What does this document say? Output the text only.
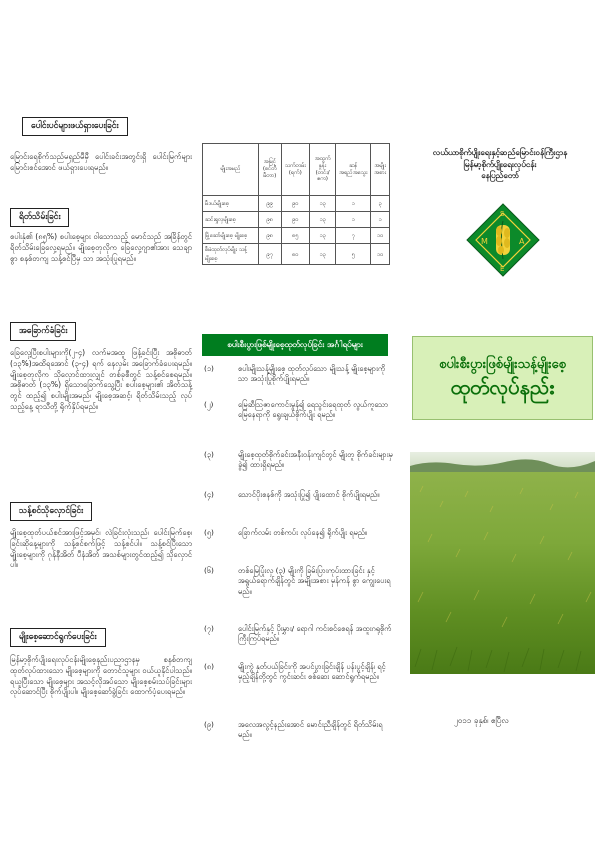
ပေါင်းပင်များဖယ်ရှားပေးခြင်း

မြောင်းရေစိုက်သည်မရှည်မီမှီ ပေါင်းခင်းအတွင်းရှိ ပေါင်းမြက်များ မြောင်းစင်အောင် ဖယ်ရှားပေးရမည်။

ရိတ်သိမ်းခြင်း

စပါးနှံ၏ (၈၅%) စပါးစေ့များ ဝါသောသည့် မောင်သည် အခြိန်တွင် ရိတ်သိမ်းခြေလှေ့ရမည်။ မျိုးစေ့တုလိုက ခြေလှေ့ဂျာ၏အား သေချာစွာ စနစ်တကျ သန့်စင်ပြီမှ သာ အသုံးပြုရမည်။

အခြောက်ခံခြင်း

ခြေလှေ့ပြီးစပါးများကို(၂-၄) လက်မအထူ ဖြန့်ခင်းပြီး အစိုဓာတ် (၁၃%)အထိရအောင် (၃-၄) ရက် နေလှမ်း အခြောက်ခံပေးရမည်။ မျိုးစေ့တုလိုက သိုလှောင်ထားလျှင် တစ်ခုစီတွင် သန့်စင်စေရမည်။ အစိုဓာတ် (၁၃%) ရှိသောခြောက်သွေ့ပြီး စပါးစေ့များ၏ အိတ်သန့်တွင် ထည့်၍ စပါးမျိုးအမည်၊ မျိုးစေ့အဆင့်၊ ရိတ်သိမ်းသည့် လုပ်သည့်နေ့ ရာသီတို့ ရိုက်နှိပ်ရမည်။

သန့်စင်သိုလှောင်ခြင်း

မျိုးစေ့ထုတ်ပယ်စင်အားဖြင့်အမှင်၊ လဲခြင်းလုံးသည်၊ ပေါင်းမြက်စေ့၊ ခြင်းဆိုနေ့များကို သန့်စင်စက်ဖြင့် သန့်စင်ပါ။ သန့်စင်ပြီးသော မျိုးစေ့များကို ဂုန်နီအိတ် ပီနံအိတ် အသစ်များတွင်ထည့်၍ သိုလှောင်ပါ။

မျိုးစေ့ဆောင်ရွက်ပေးခြင်း

မြန်မာ့စိုက်ပျိုးရေးလုပ်ငန်းမျိုးစေ့နည်းပညာဌာနမှ စနစ်တကျ ထုတ်လုပ်ထားသော မျိုးစေ့များကို တောင်သူများ ဝယ်ယူနိုင်ပါသည်။ ရယူပြီးသော မျိုးစေ့များ အသင့်လိုအပ်သော မျိုးစေ့စမ်းသပ်ခြင်းများ လုပ်ဆောင်ပြီး စိုက်ပျိုးပါ။ မျိုးစေ့ဆော်ခွဲခြင်း ထောက်ပံ့ပေးရမည်။

မျိုးအမည်	အမြင့် (စင်တီမီတာ)	သက်တမ်း (ရက်)	အထွက်နှုန်း (တင်း/ဧက)	ဆန်အရည်အသွေး	အမျိုးအစား
မီဒယ်မျိုးစေ့	၉၉	၉၀	၁၃	၁	၃
ဆင်းရှုလှမျိုးစေ့	၉၈	၉၀	၁၃	၁	၁
မြို့ဆော်မျိုးစေ့ မျိုးစေ့	၉၈	၈၅	၁၃	၇	၁၀
စီမံထုတ်လုပ်မျိုး သန့်မျိုးစေ့	၉၇	၈၀	၁၃	၅	၁၀
စပါးစီးပွားဖြစ်မျိုးစေ့ထုတ်လုပ်ခြင်း အင်္ဂါရပ်များ
(၁)	စပါးမျိုးသန့်မျိုးစေ့ ထုတ်လုပ်သော မျိုးသန့် မျိုးစေ့များကိုသာ အသုံးပြုစိုက်ပျိုးရမည်။
(၂)	မြေဆီသြဇာကောင်းမွန်၍ ရေသွင်းရေထုတ် လွယ်ကူသော မြေနေရာကို ရွေးချယ်စိုက်ပျိုး ရမည်။
(၃)	မျိုးစေ့ထုတ်စိုက်ခင်းအနီးဝန်းကျင်တွင် မျိုးတူ စိုက်ခင်းများမှ ခွဲ၍ ထားရှိရမည်။
(၄)	သောင်ပိုးစနစ်ကို အသုံးပြု၍ ပျိုးထောင် စိုက်ပျိုးရမည်။
(၅)	ခြောက်လမ်း တစ်ကပ်း လုပ်နေ၍ ရိုက်ပျိုး ရမည်။
(၆)	တစ်မြေပြုံးလှ (၃) မျိုးကို ခြမ်းပြားကုပ်းထားခြင်း နှင့် အရွယ်ရောက်ချိန်တွင် အမျိုးအစား မှန်ကန် စွာ ကျွေးပေးရမည်။
(၇)	ပေါင်းမြက်နှင့် ပိုးမွှား/ ရောဂါ ကင်းစင်စေရန် အထူးဂရုစိုက် ကြီးကြပ်ရမည်။
(၈)	မျိုးကွဲ နုတ်ပယ်ခြင်းကို အပင်ပွားခြင်းချိန် ပန်းပွင့်ချိန်၊ ရင့်မှည့်ချိန်တို့တွင် ကွင်းဆင်း စစ်ဆေး ဆောင်ရွက်ရမည်။
(၉)	အလေအလွင့်နည်းအောင် မောင်းညီချိန်တွင် ရိတ်သိမ်းရမည်။
လယ်ယာစိုက်ပျိုးရေးနှင့်ဆည်မြောင်းဝန်ကြီးဌာန
မြန်မာ့စိုက်ပျိုးရေးလုပ်ငန်း
နေပြည်တော်
M	A
S
E
စပါးစီးပွားဖြစ်မျိုးသန့်မျိုးစေ့
ထုတ်လုပ်နည်း
၂၀၁၁ ခုနှစ်၊ ဧပြီလ
